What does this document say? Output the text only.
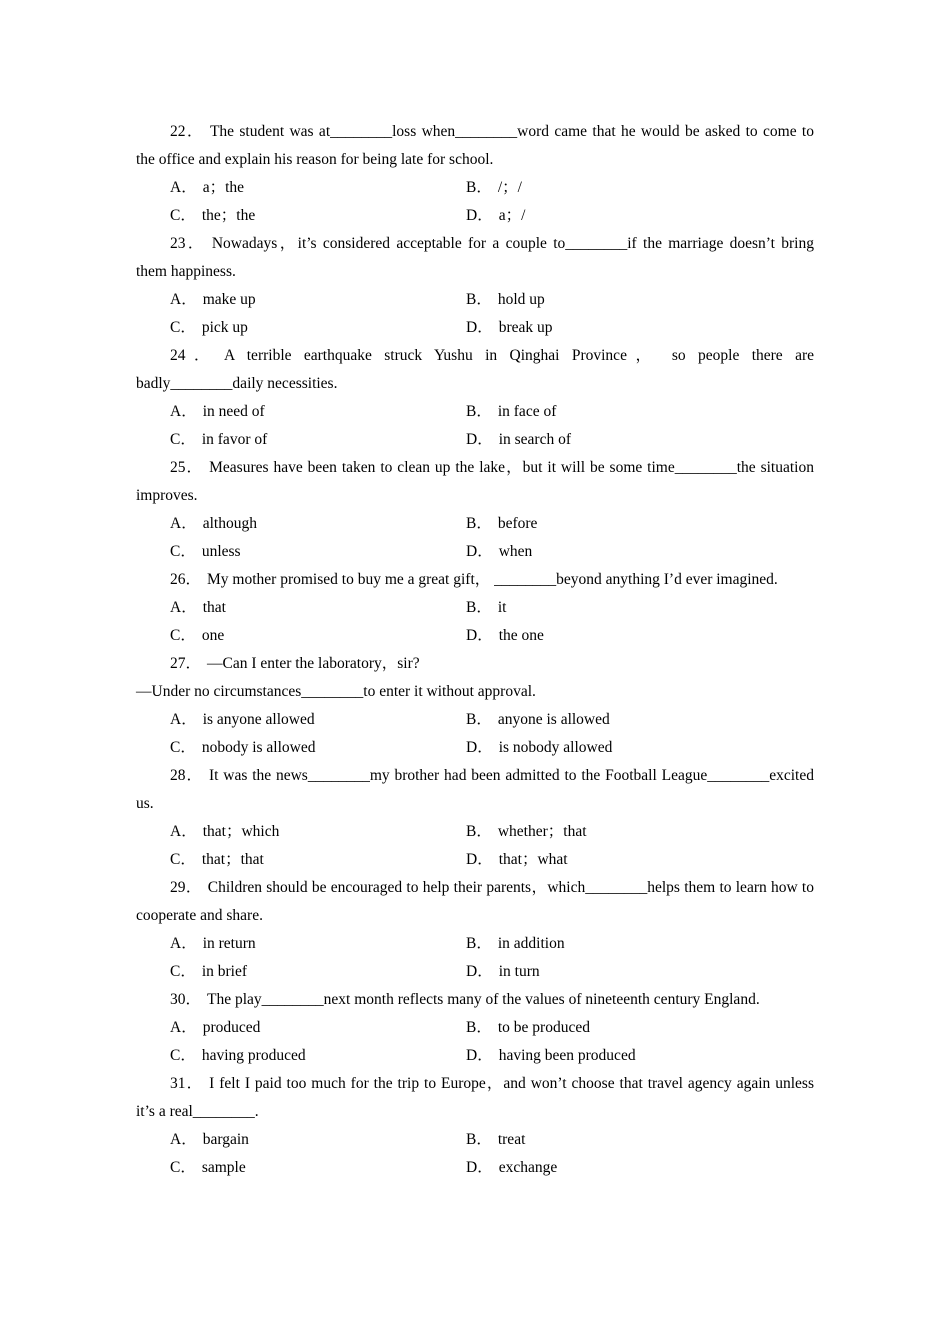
22． The student was at________loss when________word came that he would be asked to come to the office and explain his reason for being late for school.

A． a；the	B． /；/
C． the；the	D． a；/

23． Nowadays，it’s considered acceptable for a couple to________if the marriage doesn’t bring them happiness.

A． make up	B． hold up
C． pick up	D． break up

24． A terrible earthquake struck Yushu in Qinghai Province， so people there are badly________daily necessities.

A． in need of	B． in face of
C． in favor of	D． in search of

25． Measures have been taken to clean up the lake，but it will be some time________the situation improves.

A． although	B． before
C． unless	D． when

26． My mother promised to buy me a great gift， ________beyond anything I’d ever imagined.

A． that	B． it
C． one	D． the one

27． —Can I enter the laboratory，sir?

—Under no circumstances________to enter it without approval.

A． is anyone allowed	B． anyone is allowed
C． nobody is allowed	D． is nobody allowed

28． It was the news________my brother had been admitted to the Football League________excited us.

A． that；which	B． whether；that
C． that；that	D． that；what

29． Children should be encouraged to help their parents，which________helps them to learn how to cooperate and share.

A． in return	B． in addition
C． in brief	D． in turn

30． The play________next month reflects many of the values of nineteenth century England.

A． produced	B． to be produced
C． having produced	D． having been produced

31． I felt I paid too much for the trip to Europe，and won’t choose that travel agency again unless it’s a real________.

A． bargain	B． treat
C． sample	D． exchange
